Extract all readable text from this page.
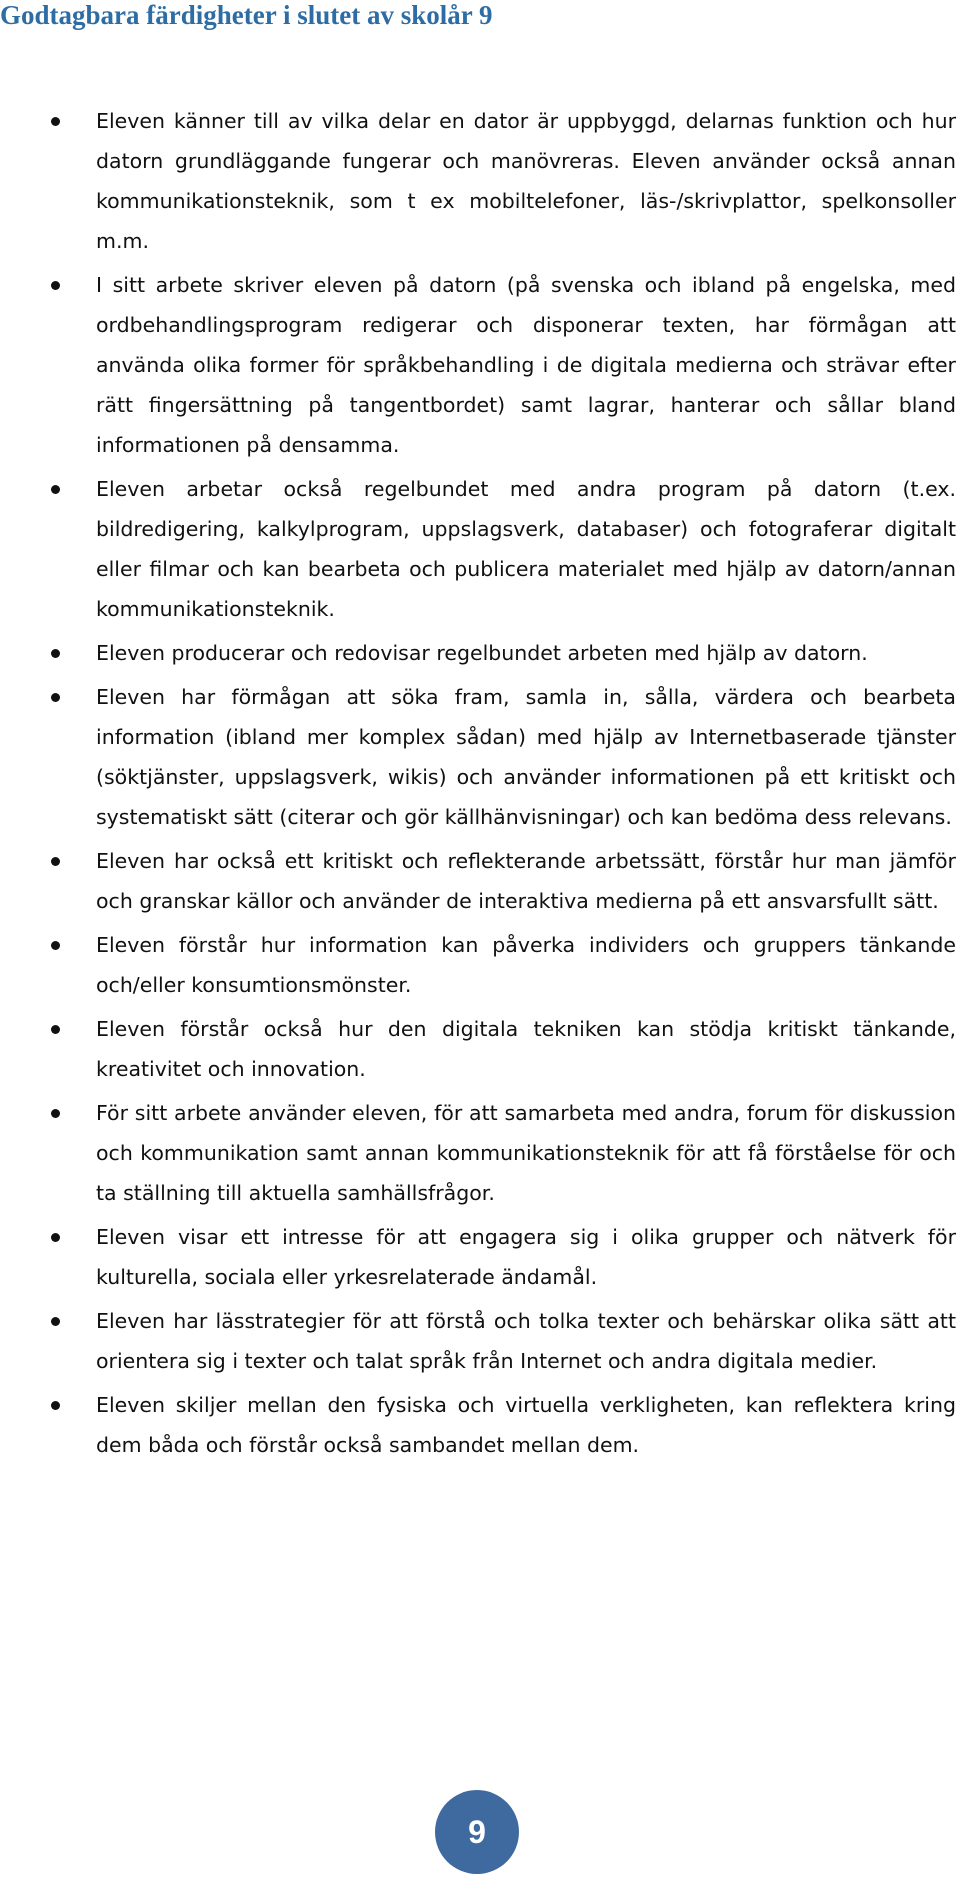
Godtagbara färdigheter i slutet av skolår 9
Eleven känner till av vilka delar en dator är uppbyggd, delarnas funktion och hur datorn grundläggande fungerar och manövreras. Eleven använder också annan kommunikationsteknik, som t ex mobiltelefoner, läs-/skrivplattor, spelkonsoller m.m.
I sitt arbete skriver eleven på datorn (på svenska och ibland på engelska, med ordbehandlingsprogram redigerar och disponerar texten, har förmågan att använda olika former för språkbehandling i de digitala medierna och strävar efter rätt fingersättning på tangentbordet) samt lagrar, hanterar och sållar bland informationen på densamma.
Eleven arbetar också regelbundet med andra program på datorn (t.ex. bildredigering, kalkylprogram, uppslagsverk, databaser) och fotograferar digitalt eller filmar och kan bearbeta och publicera materialet med hjälp av datorn/annan kommunikationsteknik.
Eleven producerar och redovisar regelbundet arbeten med hjälp av datorn.
Eleven har förmågan att söka fram, samla in, sålla, värdera och bearbeta information (ibland mer komplex sådan) med hjälp av Internetbaserade tjänster (söktjänster, uppslagsverk, wikis) och använder informationen på ett kritiskt och systematiskt sätt (citerar och gör källhänvisningar) och kan bedöma dess relevans.
Eleven har också ett kritiskt och reflekterande arbetssätt, förstår hur man jämför och granskar källor och använder de interaktiva medierna på ett ansvarsfullt sätt.
Eleven förstår hur information kan påverka individers och gruppers tänkande och/eller konsumtionsmönster.
Eleven förstår också hur den digitala tekniken kan stödja kritiskt tänkande, kreativitet och innovation.
För sitt arbete använder eleven, för att samarbeta med andra, forum för diskussion och kommunikation samt annan kommunikationsteknik för att få förståelse för och ta ställning till aktuella samhällsfrågor.
Eleven visar ett intresse för att engagera sig i olika grupper och nätverk för kulturella, sociala eller yrkesrelaterade ändamål.
Eleven har lässtrategier för att förstå och tolka texter och behärskar olika sätt att orientera sig i texter och talat språk från Internet och andra digitala medier.
Eleven skiljer mellan den fysiska och virtuella verkligheten, kan reflektera kring dem båda och förstår också sambandet mellan dem.
9
